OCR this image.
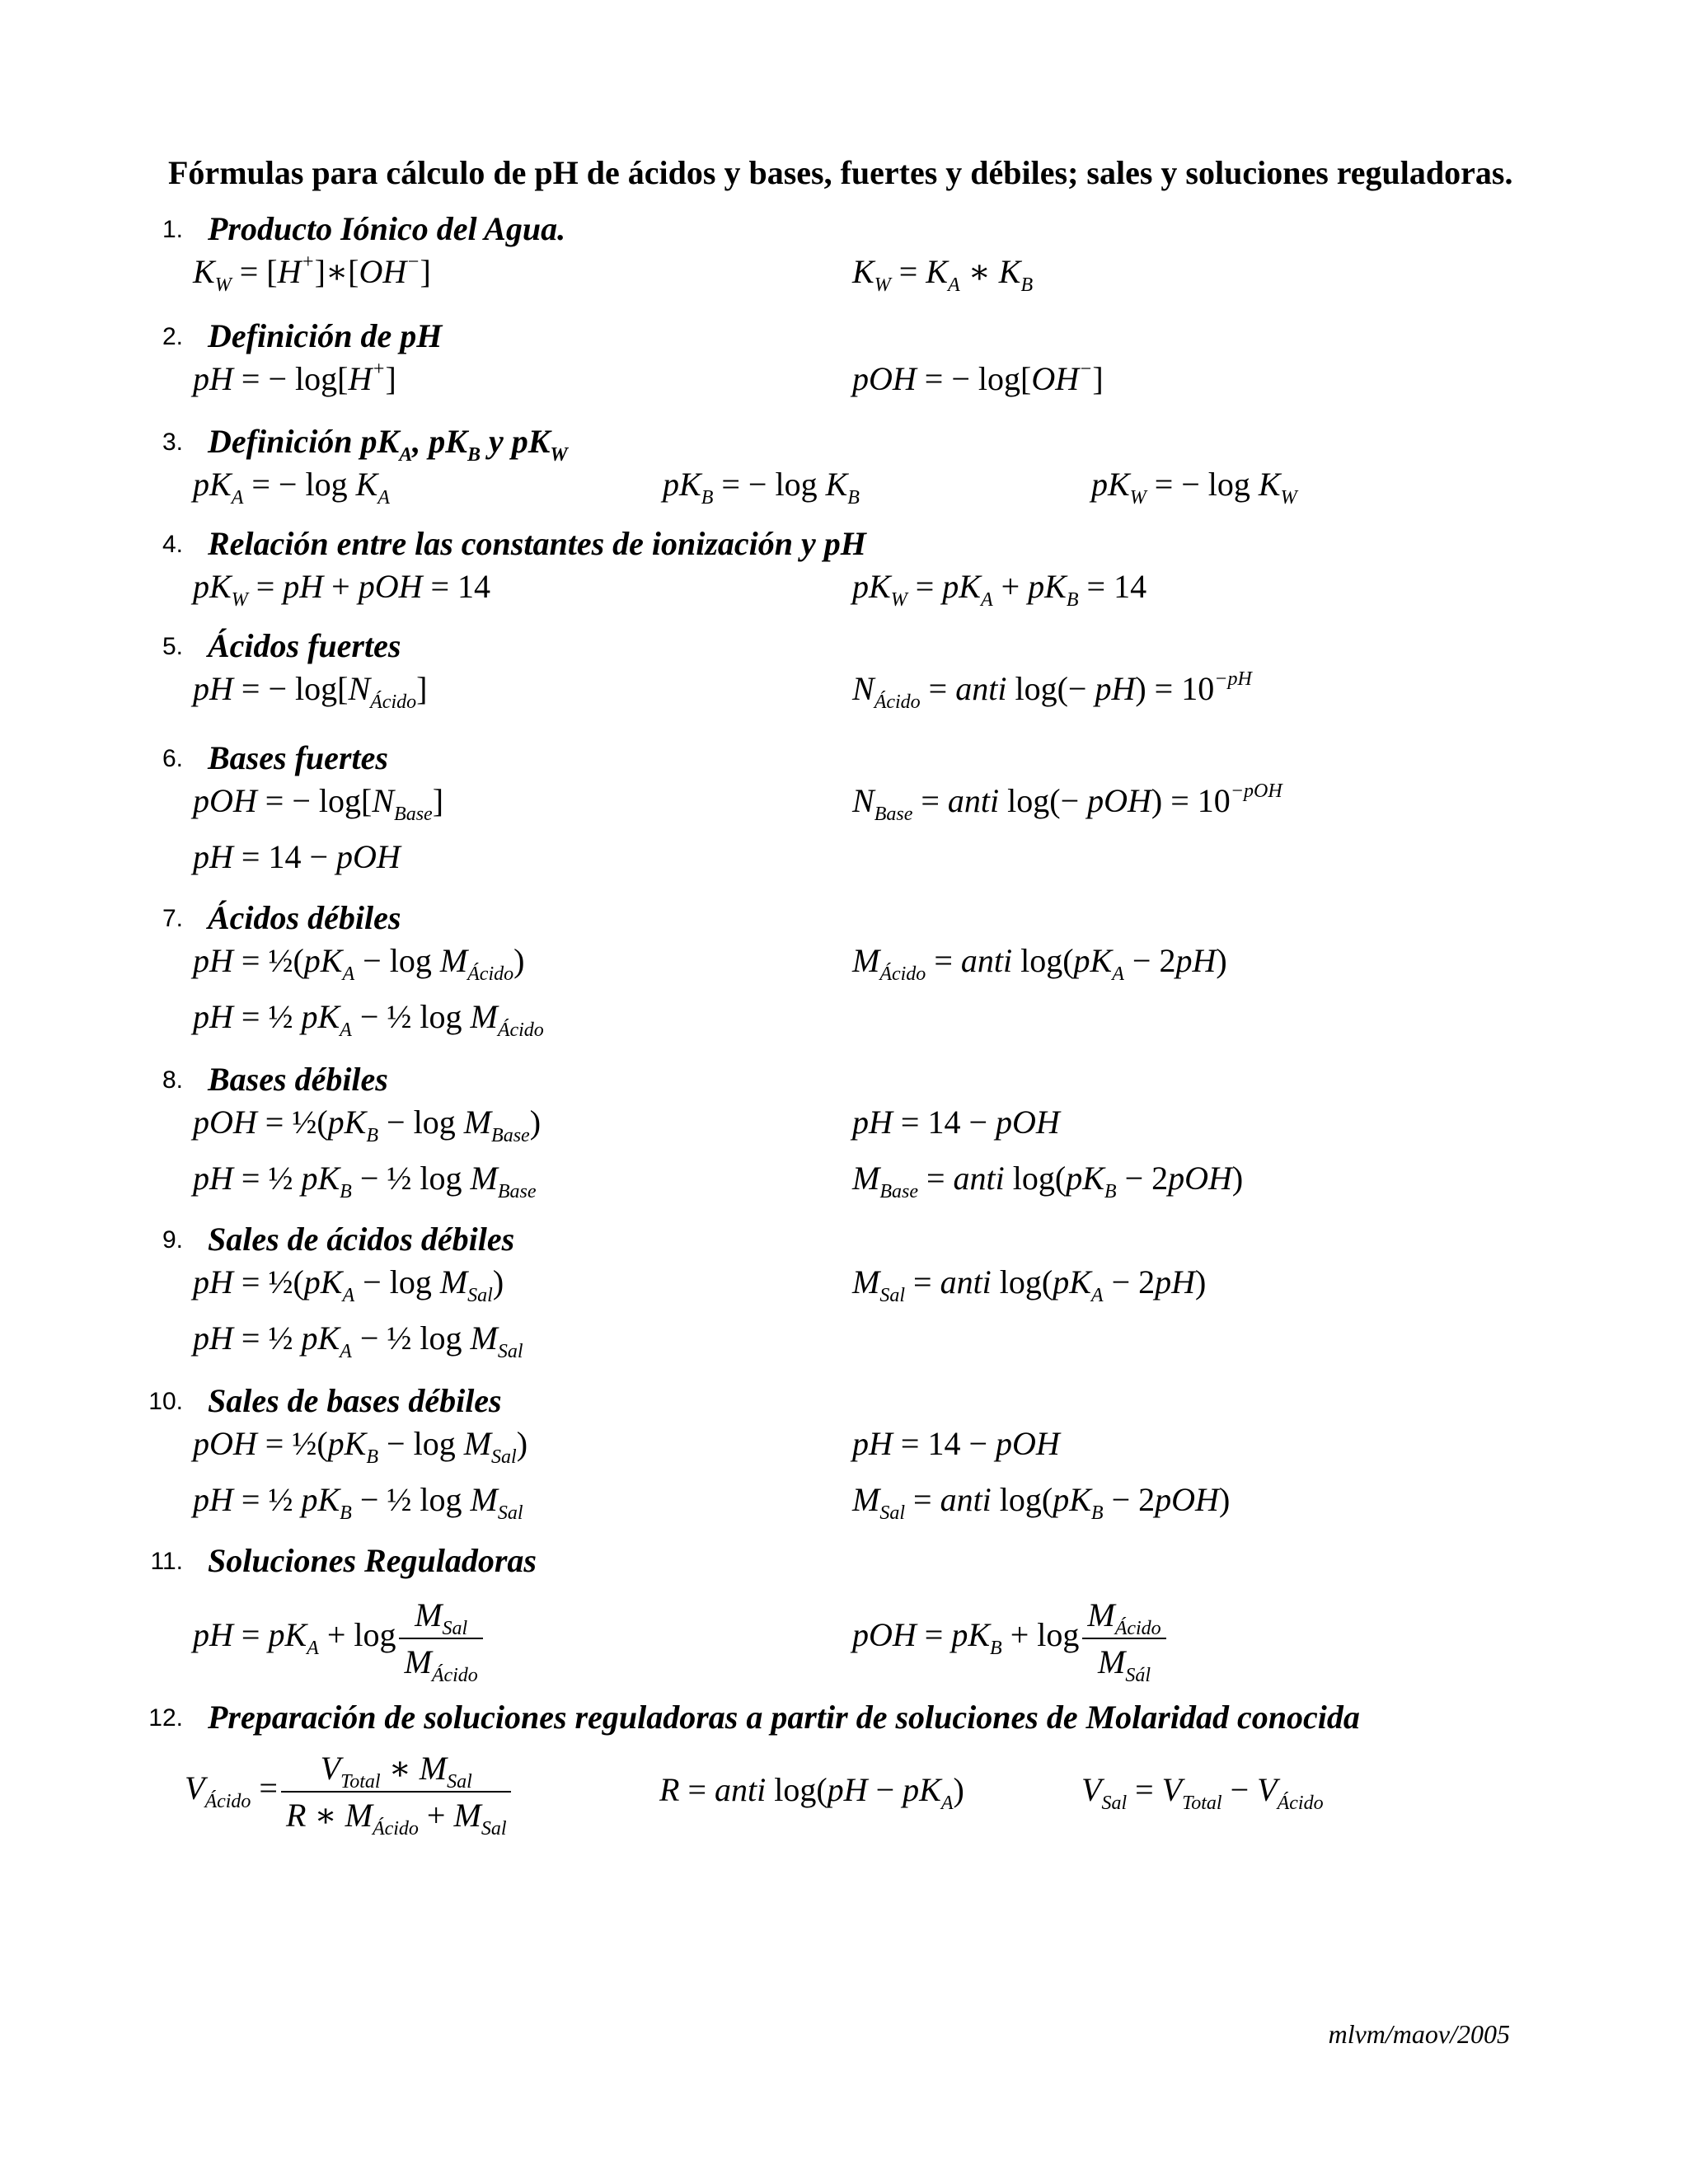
Fórmulas para cálculo de pH de ácidos y bases, fuertes y débiles; sales y soluciones reguladoras.
1. Producto Iónico del Agua.
$K_W$ = [H+]∗[OH−]	$K_W = K_A$ ∗ $K_B$
2. Definición de pH
pH = − log[H+]	pOH = − log[OH−]
3. Definición $pK_A$, $pK_B$ y $pK_W$
$pK_A$ = − $\log K_A$	$pK_B$ = − $\log K_B$	$pK_W$ = − $\log K_W$
4. Relación entre las constantes de ionización y pH
$pK_W$ = pH + pOH = 14	$pK_W = pK_A + pK_B = 14$
5. Ácidos fuertes
pH = − $\log[N_{Ácido}]$	$N_{Ácido}$ = anti $\log(- pH) = 10^{-pH}$
6. Bases fuertes
pOH = − $\log[N_{Base}]$	$N_{Base}$ = anti $\log(- pOH) = 10^{-pOH}$
pH = 14 − pOH
7. Ácidos débiles
pH = $\frac{1}{2}(pK_A - \log M_{Ácido})$	$M_{Ácido}$ = anti $\log(pK_A - 2pH)$
pH = ½ $pK_A$ − ½ $\log M_{Ácido}$
8. Bases débiles
pOH = $\frac{1}{2}(pK_B - \log M_{Base})$	pH = 14 − pOH
pH = ½ $pK_B$ − ½ $\log M_{Base}$	$M_{Base}$ = anti $\log(pK_B - 2pOH)$
9. Sales de ácidos débiles
pH = $\frac{1}{2}(pK_A - \log M_{Sal})$	$M_{Sal}$ = anti $\log(pK_A - 2pH)$
pH = ½ $pK_A$ − ½ $\log M_{Sal}$
10. Sales de bases débiles
pOH = $\frac{1}{2}(pK_B - \log M_{Sal})$	pH = 14 − pOH
pH = ½ $pK_B$ − ½ $\log M_{Sal}$	$M_{Sal}$ = anti $\log(pK_B - 2pOH)$
11. Soluciones Reguladoras
pH = $pK_A + \log \frac{M_{Sal}}{M_{Ácido}}$	pOH = $pK_B + \log \frac{M_{Ácido}}{M_{Sál}}$
12. Preparación de soluciones reguladoras a partir de soluciones de Molaridad conocida
$V_{Ácido} = \frac{V_{Total} ∗ M_{Sal}}{R ∗ M_{Ácido} + M_{Sal}}$	R = anti $\log(pH - pK_A)$	$V_{Sal} = V_{Total} - V_{Ácido}$
mlvm/maov/2005
